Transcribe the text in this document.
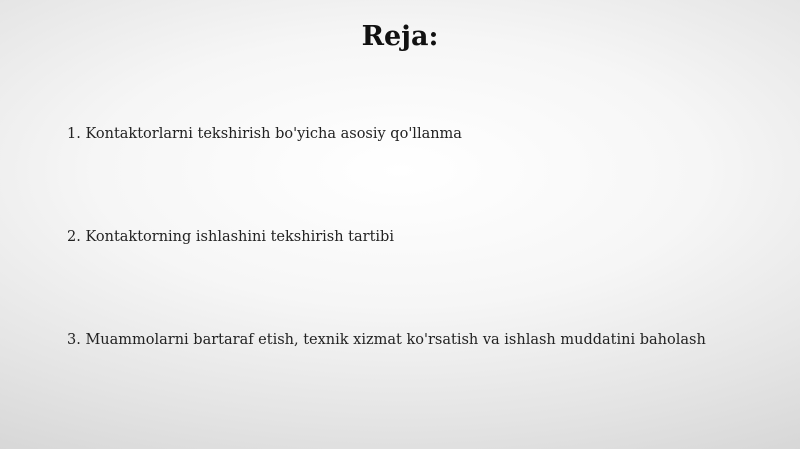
Reja:
1. Kontaktorlarni tekshirish bo'yicha asosiy qo'llanma
2. Kontaktorning ishlashini tekshirish tartibi
3. Muammolarni bartaraf etish, texnik xizmat ko'rsatish va ishlash muddatini baholash
